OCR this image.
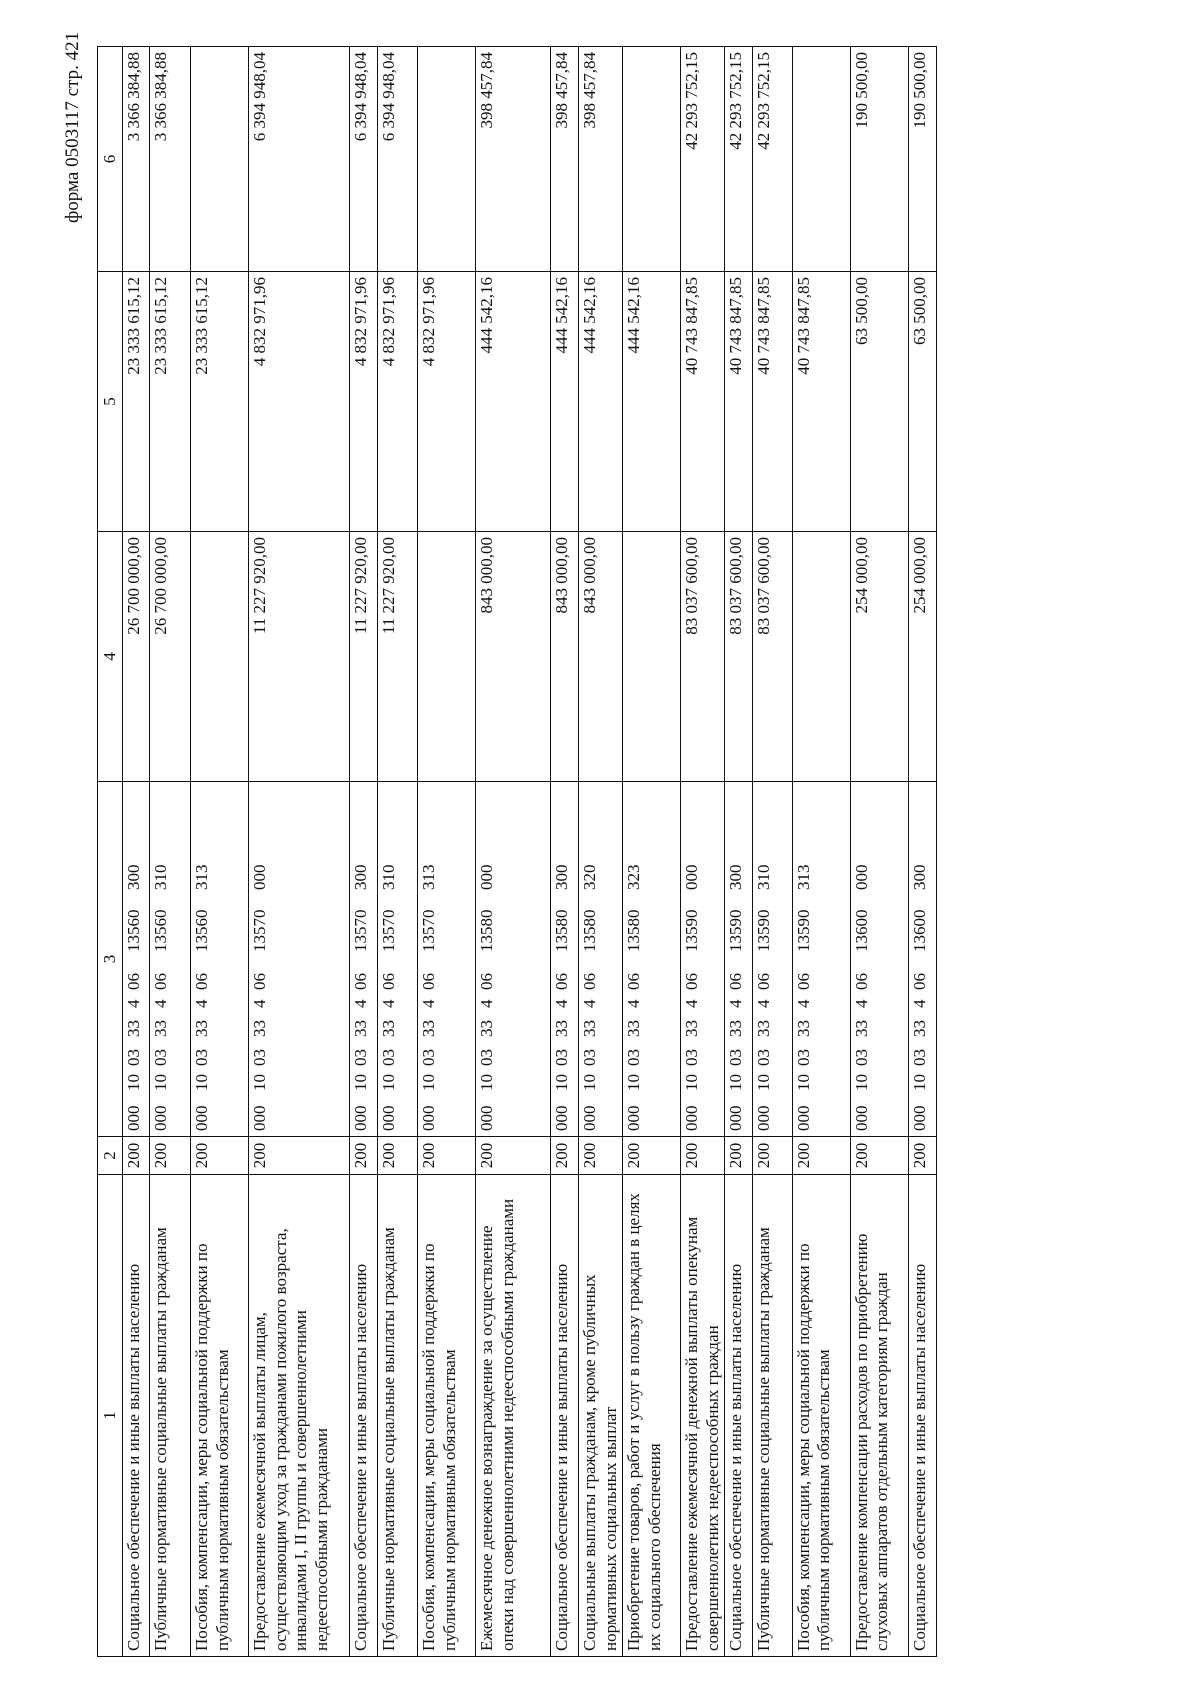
форма 0503117 стр. 421
1	2	3	4	5	6
Социальное обеспечение и иные выплаты населению	200	00010033340613560300	26 700 000,00	23 333 615,12	3 366 384,88
Публичные нормативные социальные выплаты гражданам	200	00010033340613560310	26 700 000,00	23 333 615,12	3 366 384,88
Пособия, компенсации, меры социальной поддержки по публичным нормативным обязательствам	200	00010033340613560313		23 333 615,12	
Предоставление ежемесячной выплаты лицам, осуществляющим уход за гражданами пожилого возраста, инвалидами I, II группы и совершеннолетними недееспособными гражданами	200	00010033340613570000	11 227 920,00	4 832 971,96	6 394 948,04
Социальное обеспечение и иные выплаты населению	200	00010033340613570300	11 227 920,00	4 832 971,96	6 394 948,04
Публичные нормативные социальные выплаты гражданам	200	00010033340613570310	11 227 920,00	4 832 971,96	6 394 948,04
Пособия, компенсации, меры социальной поддержки по публичным нормативным обязательствам	200	00010033340613570313		4 832 971,96	
Ежемесячное денежное вознаграждение за осуществление опеки над совершеннолетними недееспособными гражданами	200	00010033340613580000	843 000,00	444 542,16	398 457,84
Социальное обеспечение и иные выплаты населению	200	00010033340613580300	843 000,00	444 542,16	398 457,84
Социальные выплаты гражданам, кроме публичных нормативных социальных выплат	200	00010033340613580320	843 000,00	444 542,16	398 457,84
Приобретение товаров, работ и услуг в пользу граждан в целях их социального обеспечения	200	00010033340613580323		444 542,16	
Предоставление ежемесячной денежной выплаты опекунам совершеннолетних недееспособных граждан	200	00010033340613590000	83 037 600,00	40 743 847,85	42 293 752,15
Социальное обеспечение и иные выплаты населению	200	00010033340613590300	83 037 600,00	40 743 847,85	42 293 752,15
Публичные нормативные социальные выплаты гражданам	200	00010033340613590310	83 037 600,00	40 743 847,85	42 293 752,15
Пособия, компенсации, меры социальной поддержки по публичным нормативным обязательствам	200	00010033340613590313		40 743 847,85	
Предоставление компенсации расходов по приобретению слуховых аппаратов отдельным категориям граждан	200	00010033340613600000	254 000,00	63 500,00	190 500,00
Социальное обеспечение и иные выплаты населению	200	00010033340613600300	254 000,00	63 500,00	190 500,00
